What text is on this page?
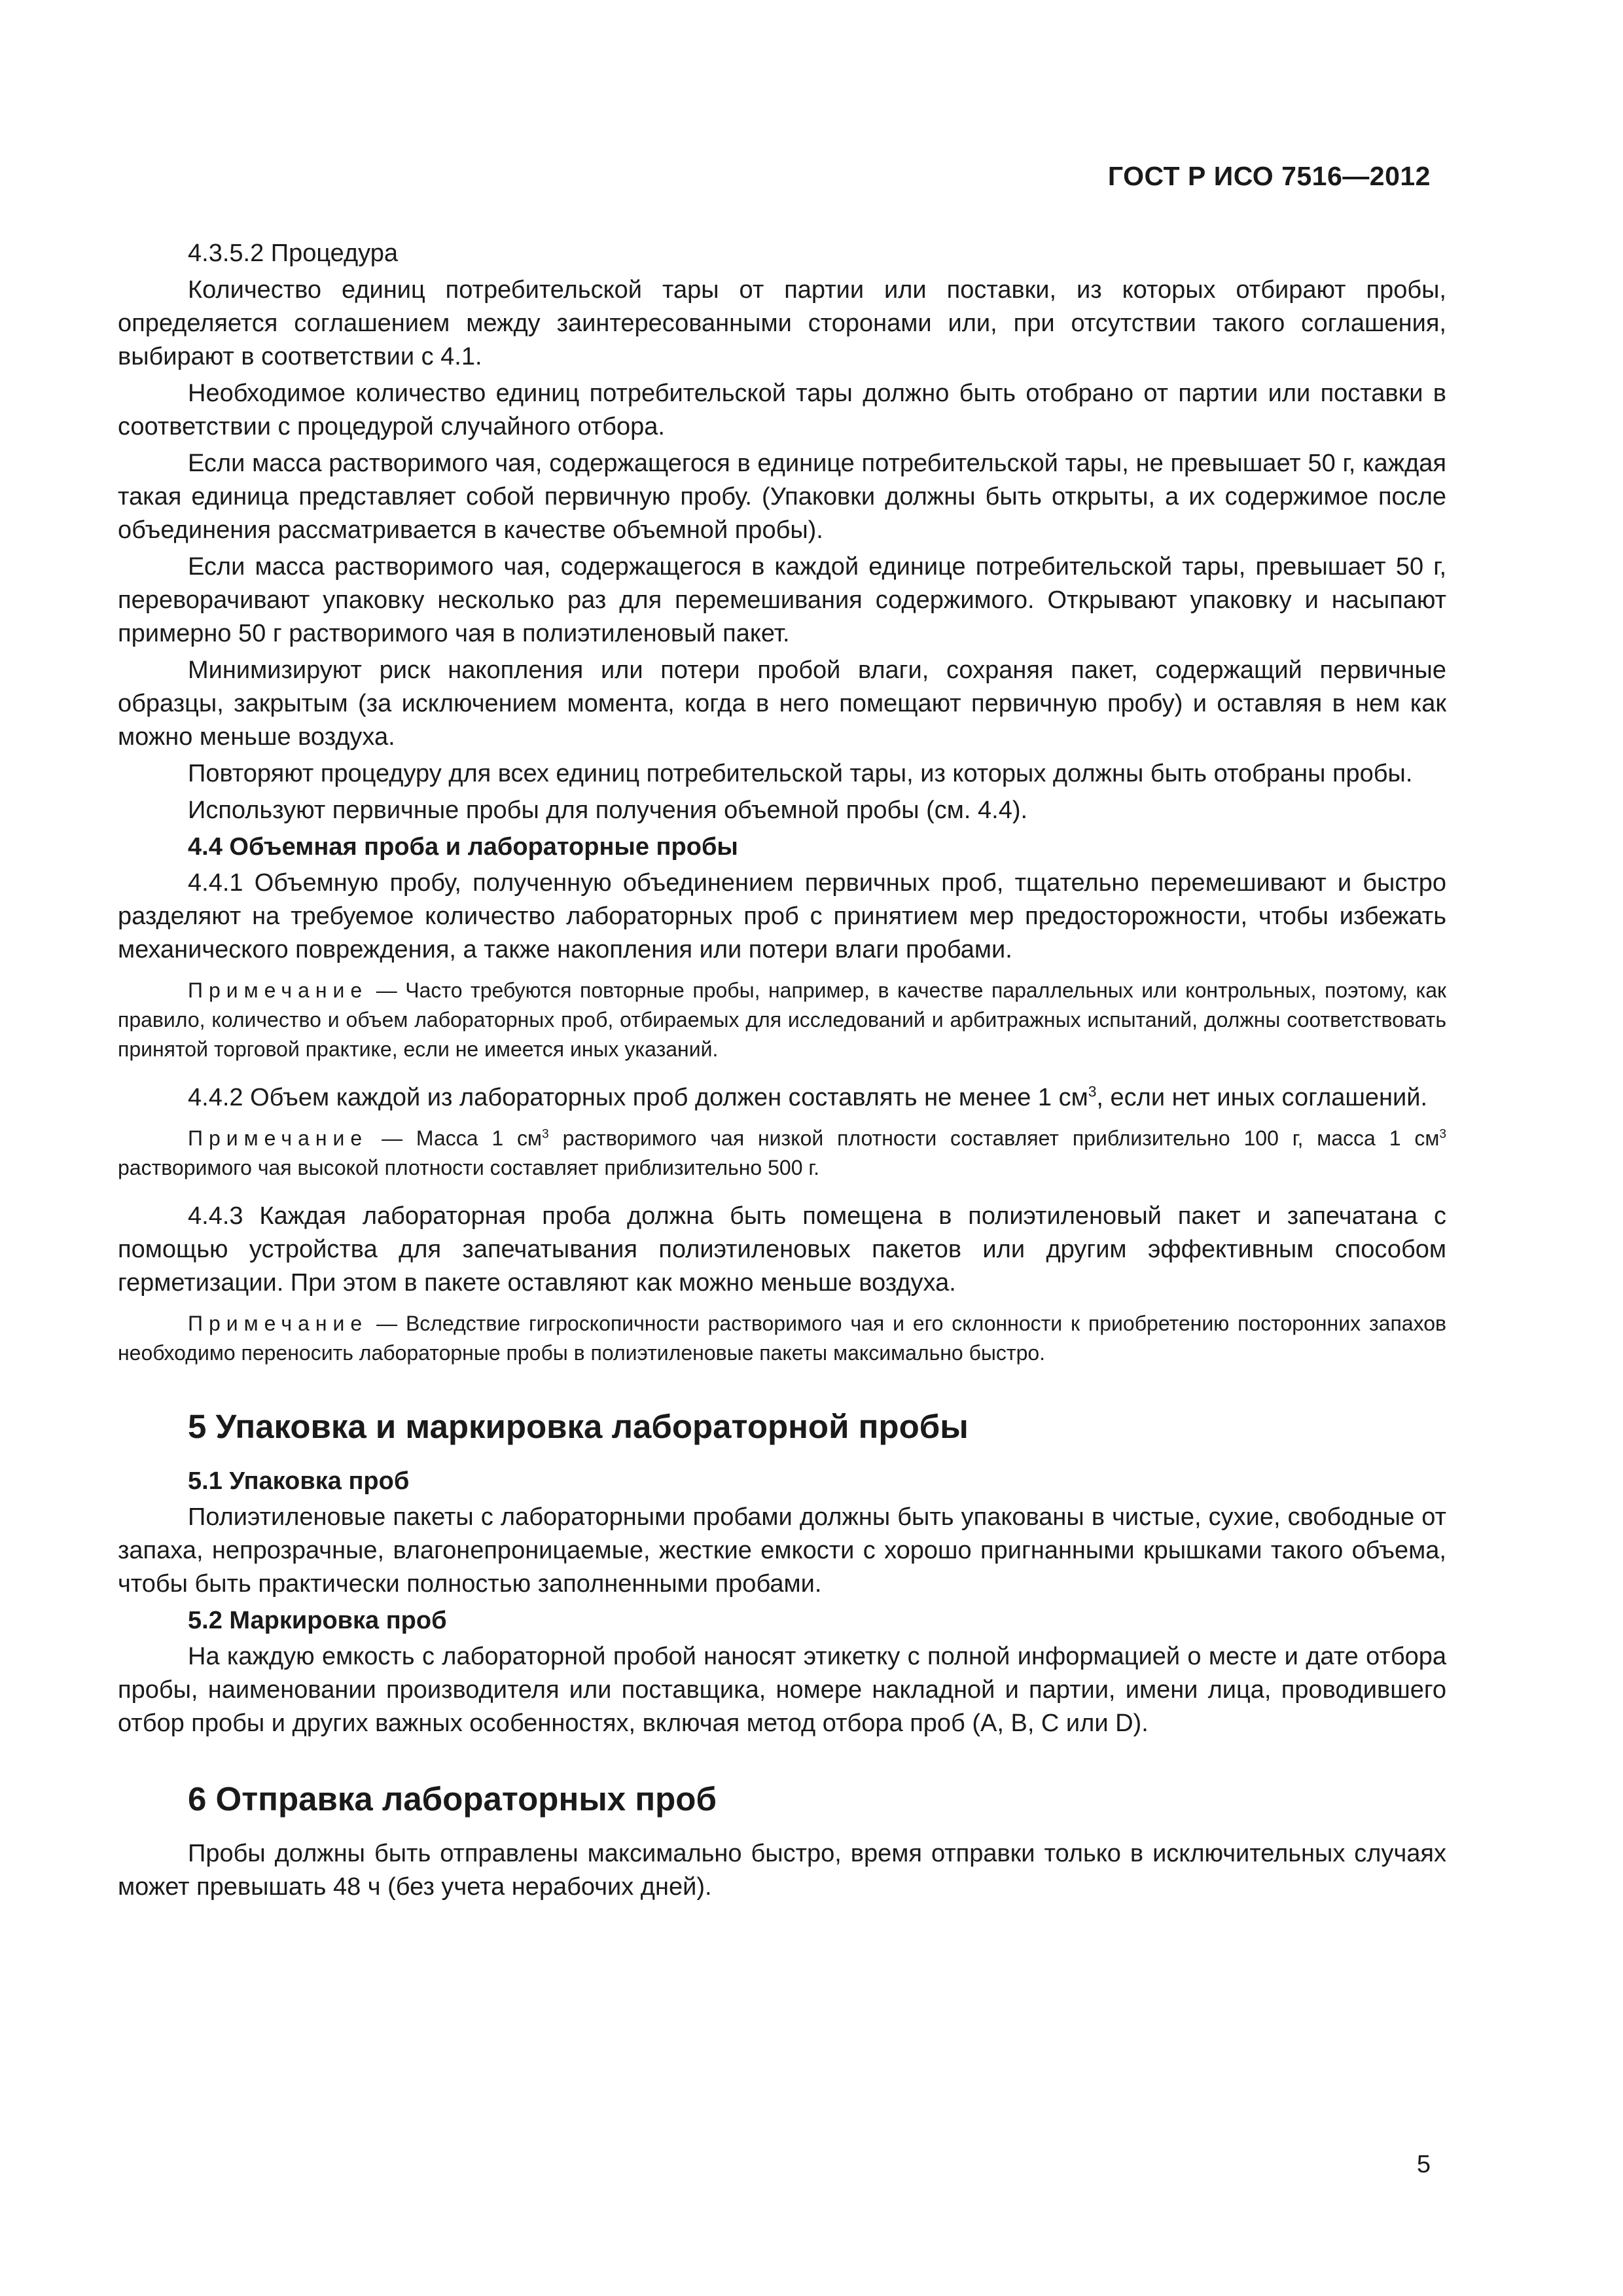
ГОСТ Р ИСО 7516—2012

4.3.5.2 Процедура

Количество единиц потребительской тары от партии или поставки, из которых отбирают пробы, определяется соглашением между заинтересованными сторонами или, при отсутствии такого соглашения, выбирают в соответствии с 4.1.

Необходимое количество единиц потребительской тары должно быть отобрано от партии или поставки в соответствии с процедурой случайного отбора.

Если масса растворимого чая, содержащегося в единице потребительской тары, не превышает 50 г, каждая такая единица представляет собой первичную пробу. (Упаковки должны быть открыты, а их содержимое после объединения рассматривается в качестве объемной пробы).

Если масса растворимого чая, содержащегося в каждой единице потребительской тары, превышает 50 г, переворачивают упаковку несколько раз для перемешивания содержимого. Открывают упаковку и насыпают примерно 50 г растворимого чая в полиэтиленовый пакет.

Минимизируют риск накопления или потери пробой влаги, сохраняя пакет, содержащий первичные образцы, закрытым (за исключением момента, когда в него помещают первичную пробу) и оставляя в нем как можно меньше воздуха.

Повторяют процедуру для всех единиц потребительской тары, из которых должны быть отобраны пробы.

Используют первичные пробы для получения объемной пробы (см. 4.4).

4.4 Объемная проба и лабораторные пробы

4.4.1 Объемную пробу, полученную объединением первичных проб, тщательно перемешивают и быстро разделяют на требуемое количество лабораторных проб с принятием мер предосторожности, чтобы избежать механического повреждения, а также накопления или потери влаги пробами.

Примечание — Часто требуются повторные пробы, например, в качестве параллельных или контрольных, поэтому, как правило, количество и объем лабораторных проб, отбираемых для исследований и арбитражных испытаний, должны соответствовать принятой торговой практике, если не имеется иных указаний.

4.4.2 Объем каждой из лабораторных проб должен составлять не менее 1 $см^3$, если нет иных соглашений.

Примечание — Масса 1 $см^3$ растворимого чая низкой плотности составляет приблизительно 100 г, масса 1 $см^3$ растворимого чая высокой плотности составляет приблизительно 500 г.

4.4.3 Каждая лабораторная проба должна быть помещена в полиэтиленовый пакет и запечатана с помощью устройства для запечатывания полиэтиленовых пакетов или другим эффективным способом герметизации. При этом в пакете оставляют как можно меньше воздуха.

Примечание — Вследствие гигроскопичности растворимого чая и его склонности к приобретению посторонних запахов необходимо переносить лабораторные пробы в полиэтиленовые пакеты максимально быстро.

5 Упаковка и маркировка лабораторной пробы
5.1 Упаковка проб

Полиэтиленовые пакеты с лабораторными пробами должны быть упакованы в чистые, сухие, свободные от запаха, непрозрачные, влагонепроницаемые, жесткие емкости с хорошо пригнанными крышками такого объема, чтобы быть практически полностью заполненными пробами.

5.2 Маркировка проб

На каждую емкость с лабораторной пробой наносят этикетку с полной информацией о месте и дате отбора пробы, наименовании производителя или поставщика, номере накладной и партии, имени лица, проводившего отбор пробы и других важных особенностях, включая метод отбора проб (А, В, С или D).

6 Отправка лабораторных проб

Пробы должны быть отправлены максимально быстро, время отправки только в исключительных случаях может превышать 48 ч (без учета нерабочих дней).

5
